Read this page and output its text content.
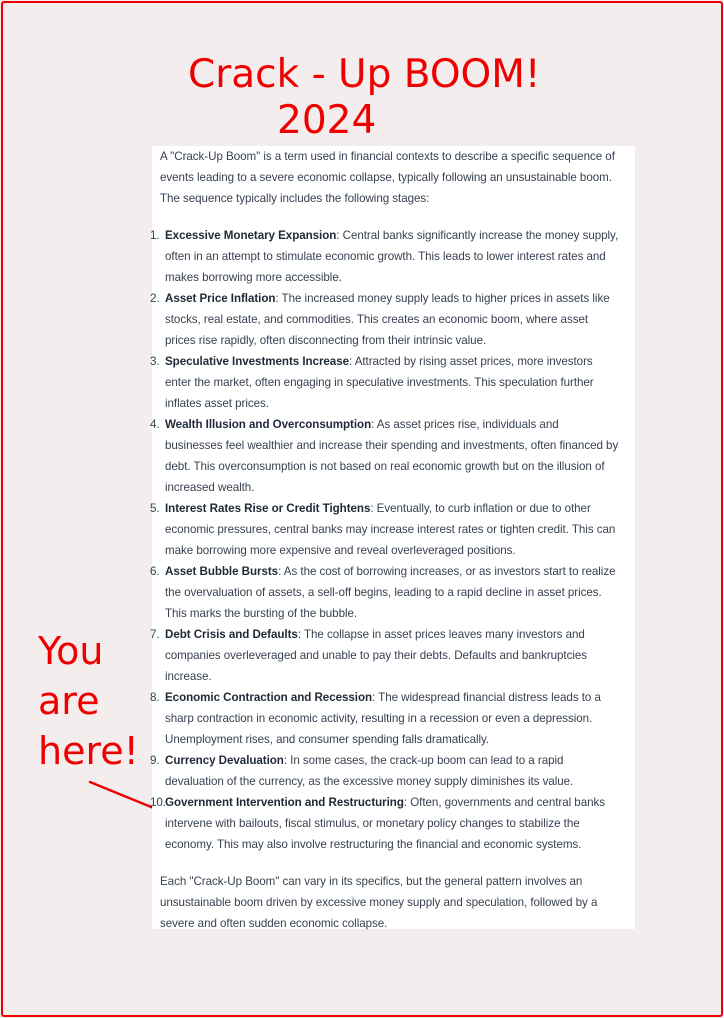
Crack - Up BOOM!
2024
You
are
here!

A "Crack-Up Boom" is a term used in financial contexts to describe a specific sequence of events leading to a severe economic collapse, typically following an unsustainable boom. The sequence typically includes the following stages:

1. Excessive Monetary Expansion: Central banks significantly increase the money supply, often in an attempt to stimulate economic growth. This leads to lower interest rates and makes borrowing more accessible.
2. Asset Price Inflation: The increased money supply leads to higher prices in assets like stocks, real estate, and commodities. This creates an economic boom, where asset prices rise rapidly, often disconnecting from their intrinsic value.
3. Speculative Investments Increase: Attracted by rising asset prices, more investors enter the market, often engaging in speculative investments. This speculation further inflates asset prices.
4. Wealth Illusion and Overconsumption: As asset prices rise, individuals and businesses feel wealthier and increase their spending and investments, often financed by debt. This overconsumption is not based on real economic growth but on the illusion of increased wealth.
5. Interest Rates Rise or Credit Tightens: Eventually, to curb inflation or due to other economic pressures, central banks may increase interest rates or tighten credit. This can make borrowing more expensive and reveal overleveraged positions.
6. Asset Bubble Bursts: As the cost of borrowing increases, or as investors start to realize the overvaluation of assets, a sell-off begins, leading to a rapid decline in asset prices. This marks the bursting of the bubble.
7. Debt Crisis and Defaults: The collapse in asset prices leaves many investors and companies overleveraged and unable to pay their debts. Defaults and bankruptcies increase.
8. Economic Contraction and Recession: The widespread financial distress leads to a sharp contraction in economic activity, resulting in a recession or even a depression. Unemployment rises, and consumer spending falls dramatically.
9. Currency Devaluation: In some cases, the crack-up boom can lead to a rapid devaluation of the currency, as the excessive money supply diminishes its value.
10. Government Intervention and Restructuring: Often, governments and central banks intervene with bailouts, fiscal stimulus, or monetary policy changes to stabilize the economy. This may also involve restructuring the financial and economic systems.

Each "Crack-Up Boom" can vary in its specifics, but the general pattern involves an unsustainable boom driven by excessive money supply and speculation, followed by a severe and often sudden economic collapse.
